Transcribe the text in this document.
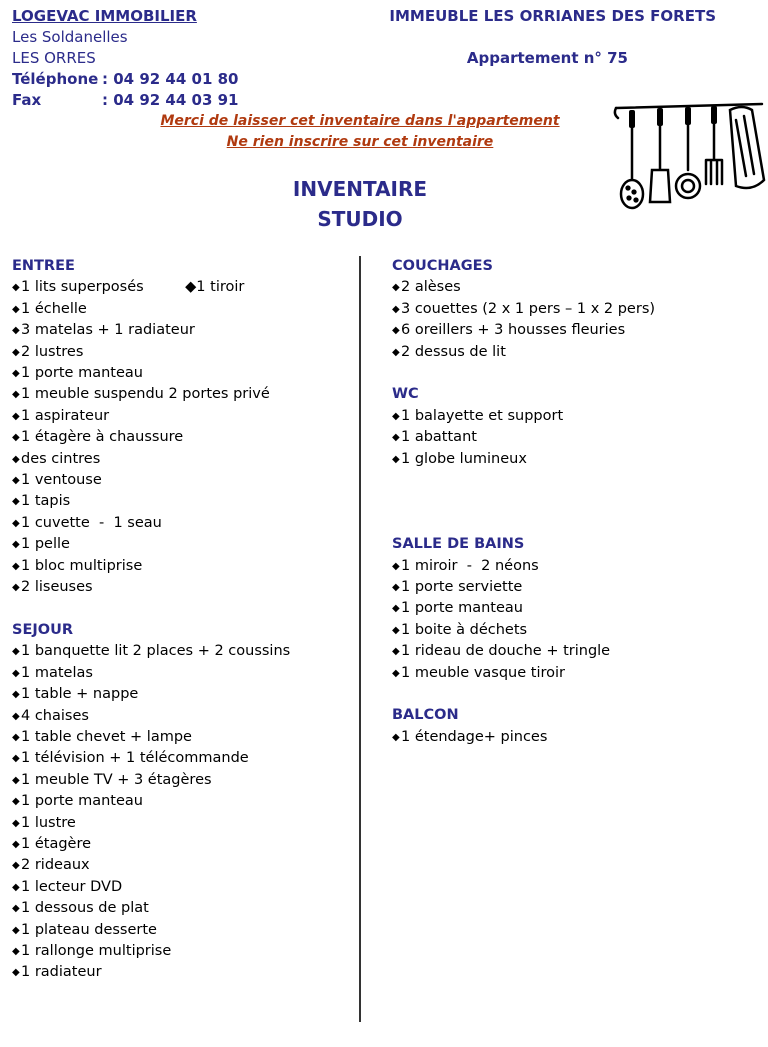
LOGEVAC IMMOBILIER
Les Soldanelles
LES ORRES
Téléphone : 04 92 44 01 80
Fax	: 04 92 44 03 91
IMMEUBLE LES ORRIANES DES FORETS
Appartement n° 75
Merci de laisser cet inventaire dans l'appartement
Ne rien inscrire sur cet inventaire
INVENTAIRE
STUDIO
ENTREE
◆1 lits superposés         ◆1 tiroir
◆1 échelle
◆3 matelas + 1 radiateur
◆2 lustres
◆1 porte manteau
◆1 meuble suspendu 2 portes privé
◆1 aspirateur
◆1 étagère à chaussure
◆des cintres
◆1 ventouse
◆1 tapis
◆1 cuvette  -  1 seau
◆1 pelle
◆1 bloc multiprise
◆2 liseuses
SEJOUR
◆1 banquette lit 2 places + 2 coussins
◆1 matelas
◆1 table + nappe
◆4 chaises
◆1 table chevet + lampe
◆1 télévision + 1 télécommande
◆1 meuble TV + 3 étagères
◆1 porte manteau
◆1 lustre
◆1 étagère
◆2 rideaux
◆1 lecteur DVD
◆1 dessous de plat
◆1 plateau desserte
◆1 rallonge multiprise
◆1 radiateur
COUCHAGES
◆2 alèses
◆3 couettes (2 x 1 pers – 1 x 2 pers)
◆6 oreillers + 3 housses fleuries
◆2 dessus de lit
WC
◆1 balayette et support
◆1 abattant
◆1 globe lumineux
SALLE DE BAINS
◆1 miroir  -  2 néons
◆1 porte serviette
◆1 porte manteau
◆1 boite à déchets
◆1 rideau de douche + tringle
◆1 meuble vasque tiroir
BALCON
◆1 étendage+ pinces
